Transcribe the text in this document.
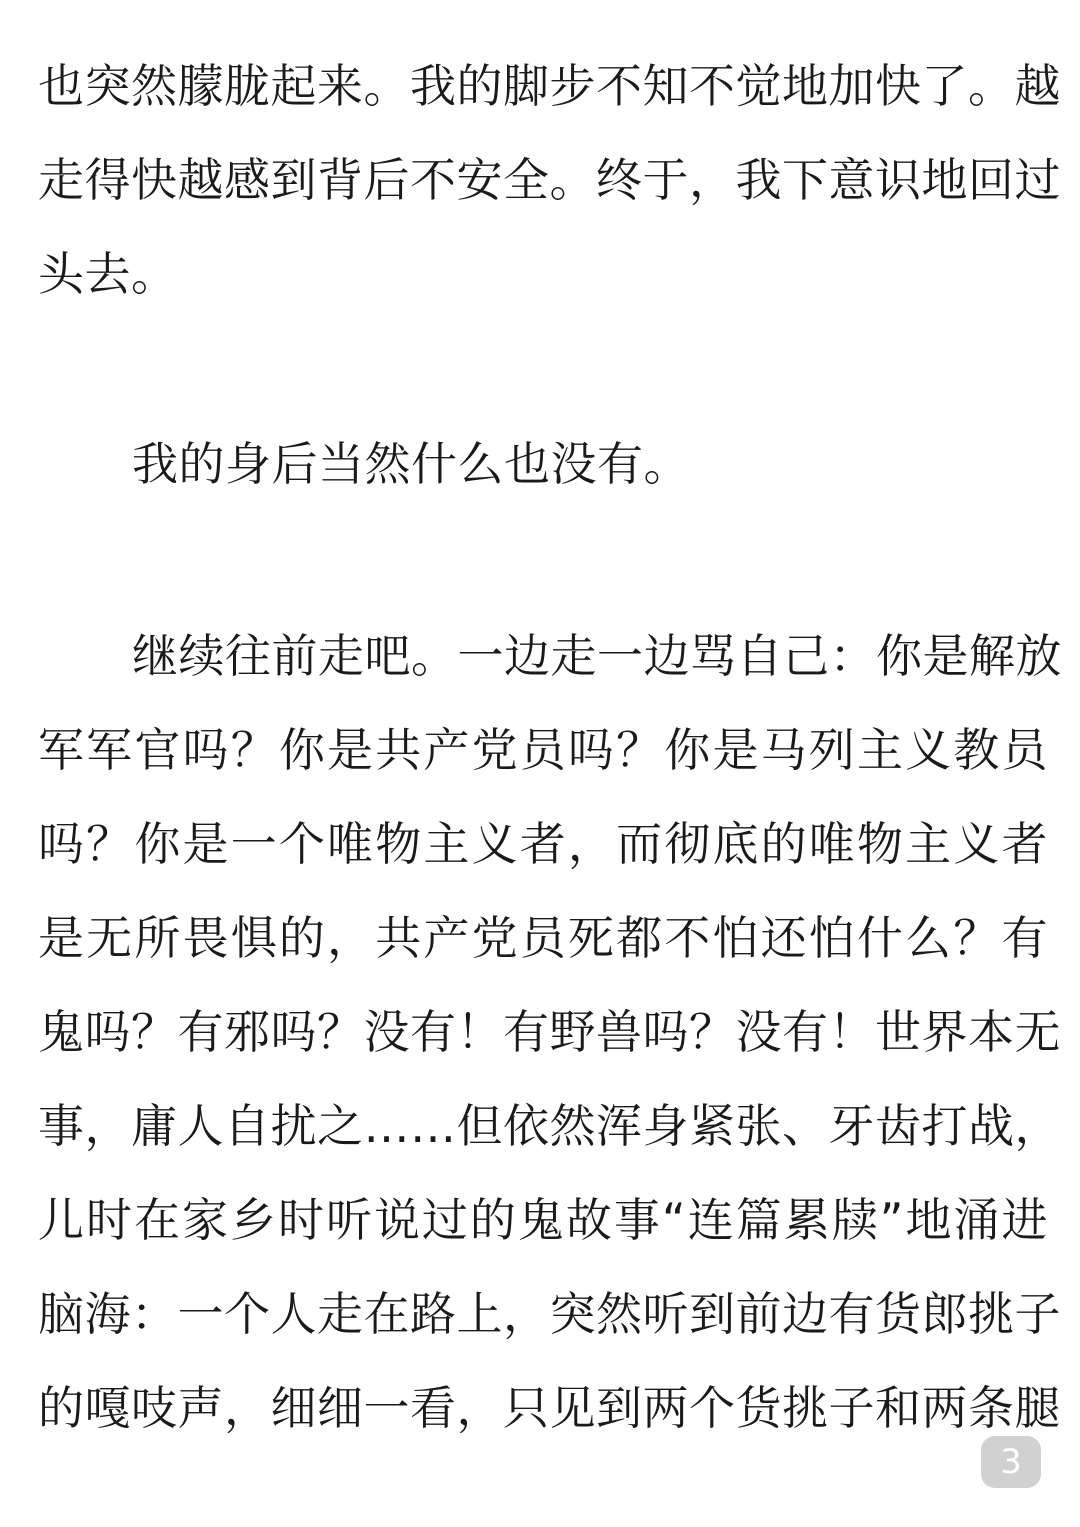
也突然朦胧起来。我的脚步不知不觉地加快了。越
走得快越感到背后不安全。终于，我下意识地回过
头去。
我的身后当然什么也没有。
继续往前走吧。一边走一边骂自己：你是解放
军军官吗？你是共产党员吗？你是马列主义教员
吗？你是一个唯物主义者，而彻底的唯物主义者
是无所畏惧的，共产党员死都不怕还怕什么？有
鬼吗？有邪吗？没有！有野兽吗？没有！世界本无
事，庸人自扰之……但依然浑身紧张、牙齿打战，
儿时在家乡时听说过的鬼故事“连篇累牍”地涌进
脑海：一个人走在路上，突然听到前边有货郎挑子
的嘎吱声，细细一看，只见到两个货挑子和两条腿
3
